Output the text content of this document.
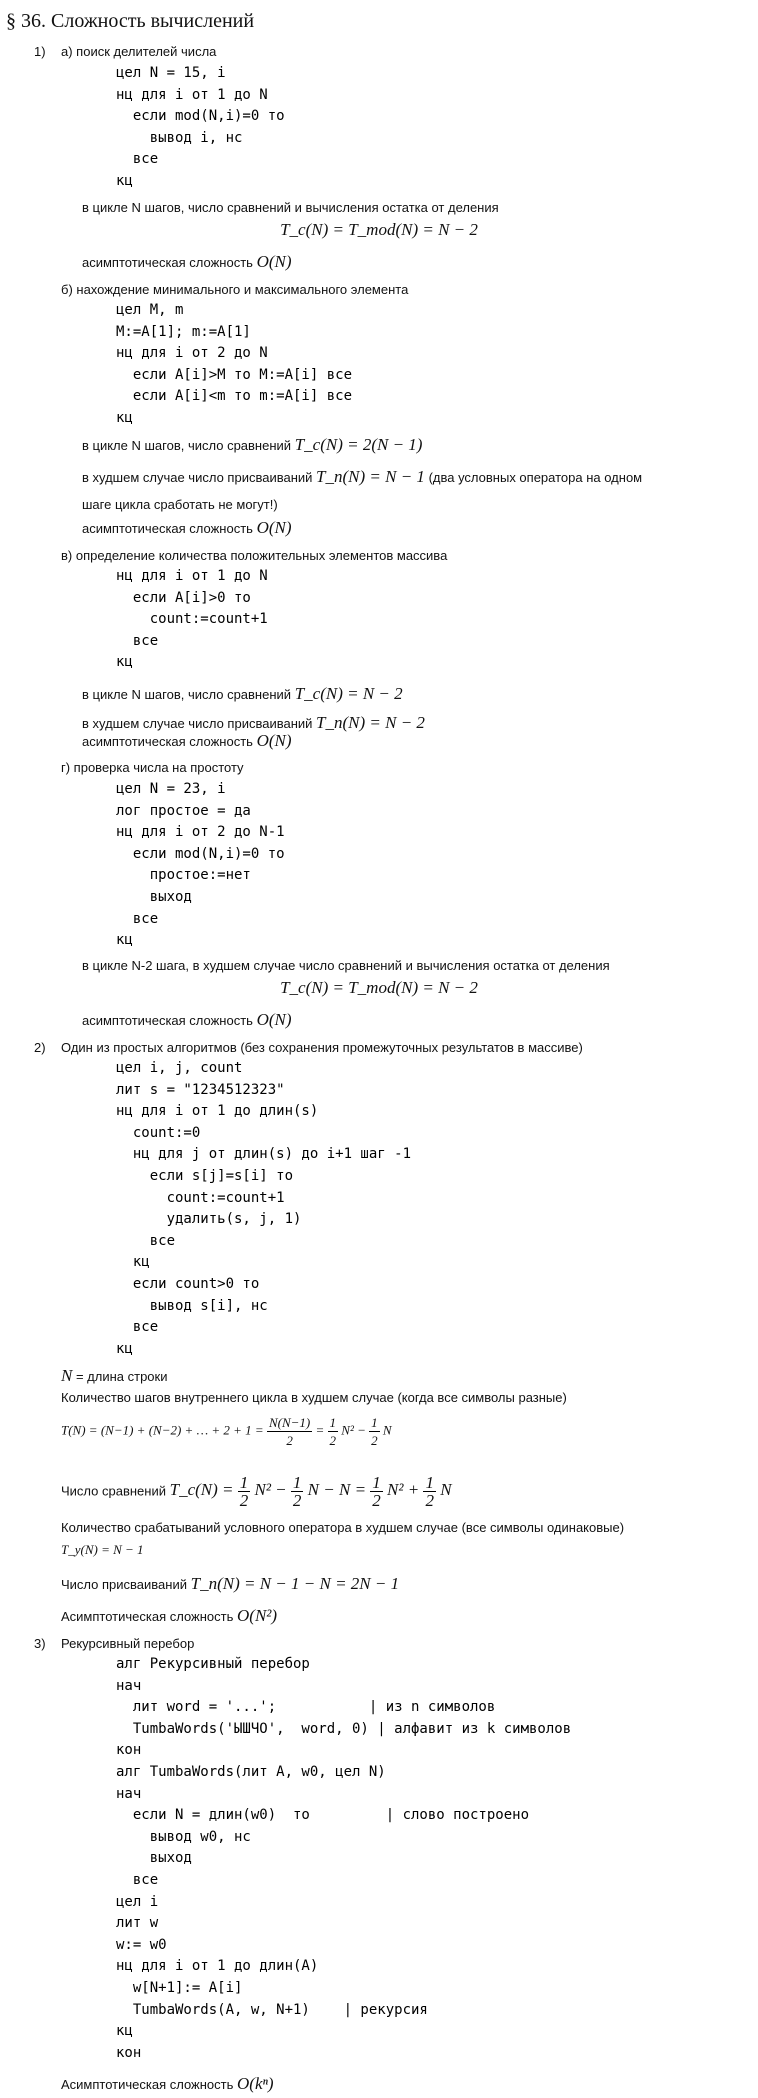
§ 36. Сложность вычислений
1) а) поиск делителей числа
цел N = 15, i
нц для i от 1 до N
если mod(N,i)=0 то
вывод i, нс
все
кц
в цикле N шагов, число сравнений и вычисления остатка от деления
T_c(N) = T_mod(N) = N − 2
асимптотическая сложность O(N)
б) нахождение минимального и максимального элемента
цел M, m
M:=A[1]; m:=A[1]
нц для i от 2 до N
если A[i]>M то M:=A[i] все
если A[i]<m то m:=A[i] все
кц
в цикле N шагов, число сравнений T_c(N) = 2(N − 1)
в худшем случае число присваиваний T_п(N) = N − 1 (два условных оператора на одном
шаге цикла сработать не могут!)
асимптотическая сложность O(N)
в) определение количества положительных элементов массива
нц для i от 1 до N
если A[i]>0 то
count:=count+1
все
кц
в цикле N шагов, число сравнений T_c(N) = N − 2
в худшем случае число присваиваний T_п(N) = N − 2
асимптотическая сложность O(N)
г) проверка числа на простоту
цел N = 23, i
лог простое = да
нц для i от 2 до N-1
если mod(N,i)=0 то
простое:=нет
выход
все
кц
в цикле N-2 шага, в худшем случае число сравнений и вычисления остатка от деления
T_c(N) = T_mod(N) = N − 2
асимптотическая сложность O(N)
2) Один из простых алгоритмов (без сохранения промежуточных результатов в массиве)
цел i, j, count
лит s = "1234512323"
нц для i от 1 до длин(s)
count:=0
нц для j от длин(s) до i+1 шаг -1
если s[j]=s[i] то
count:=count+1
удалить(s, j, 1)
все
кц
если count>0 то
вывод s[i], нс
все
кц
N = длина строки
Количество шагов внутреннего цикла в худшем случае (когда все символы разные)
T(N) = (N−1) + (N−2) + … + $2 + 1 = \frac{N(N-1)}{2} = \frac{1}{2} N^2 - \frac{1}{2}$ N
Число сравнений T_c(N) = $\frac{1}{2} N^2 - \frac{1}{2}$ $N - N = \frac{1}{2} N^2 + \frac{1}{2}$ N
Количество срабатываний условного оператора в худшем случае (все символы одинаковые)
T_у(N) = N − 1
Число присваиваний T_п(N) = N − 1 − N = 2N − 1
Асимптотическая сложность O(N²)
3) Рекурсивный перебор
алг Рекурсивный перебор
нач
лит word = '...';           | из n символов
TumbaWords('ЫШЧО',  word, 0) | алфавит из k символов
кон
алг TumbaWords(лит A, w0, цел N)
нач
если N = длин(w0)  то         | слово построено
вывод w0, нс
выход
все
цел i
лит w
w:= w0
нц для i от 1 до длин(A)
w[N+1]:= A[i]
TumbaWords(A, w, N+1)    | рекурсия
кц
кон
Асимптотическая сложность O(kⁿ)
